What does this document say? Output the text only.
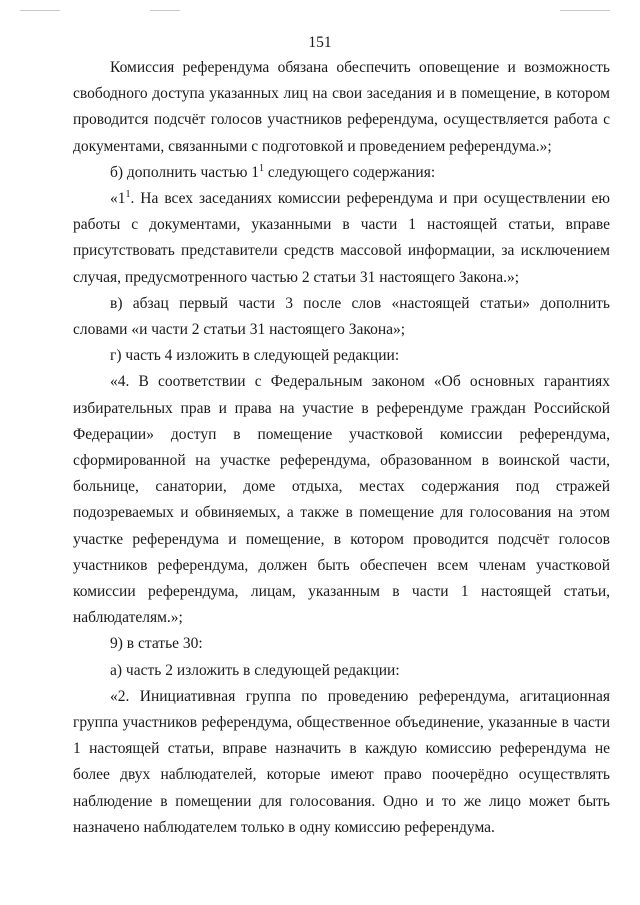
151

Комиссия референдума обязана обеспечить оповещение и возможность свободного доступа указанных лиц на свои заседания и в помещение, в котором проводится подсчёт голосов участников референдума, осуществляется работа с документами, связанными с подготовкой и проведением референдума.»;

б) дополнить частью $1^1$ следующего содержания:

«$1^1$. На всех заседаниях комиссии референдума и при осуществлении ею работы с документами, указанными в части 1 настоящей статьи, вправе присутствовать представители средств массовой информации, за исключением случая, предусмотренного частью 2 статьи 31 настоящего Закона.»;

в) абзац первый части 3 после слов «настоящей статьи» дополнить словами «и части 2 статьи 31 настоящего Закона»;

г) часть 4 изложить в следующей редакции:

«4. В соответствии с Федеральным законом «Об основных гарантиях избирательных прав и права на участие в референдуме граждан Российской Федерации» доступ в помещение участковой комиссии референдума, сформированной на участке референдума, образованном в воинской части, больнице, санатории, доме отдыха, местах содержания под стражей подозреваемых и обвиняемых, а также в помещение для голосования на этом участке референдума и помещение, в котором проводится подсчёт голосов участников референдума, должен быть обеспечен всем членам участковой комиссии референдума, лицам, указанным в части 1 настоящей статьи, наблюдателям.»;

9) в статье 30:

а) часть 2 изложить в следующей редакции:

«2. Инициативная группа по проведению референдума, агитационная группа участников референдума, общественное объединение, указанные в части 1 настоящей статьи, вправе назначить в каждую комиссию референдума не более двух наблюдателей, которые имеют право поочерёдно осуществлять наблюдение в помещении для голосования. Одно и то же лицо может быть назначено наблюдателем только в одну комиссию референдума.
